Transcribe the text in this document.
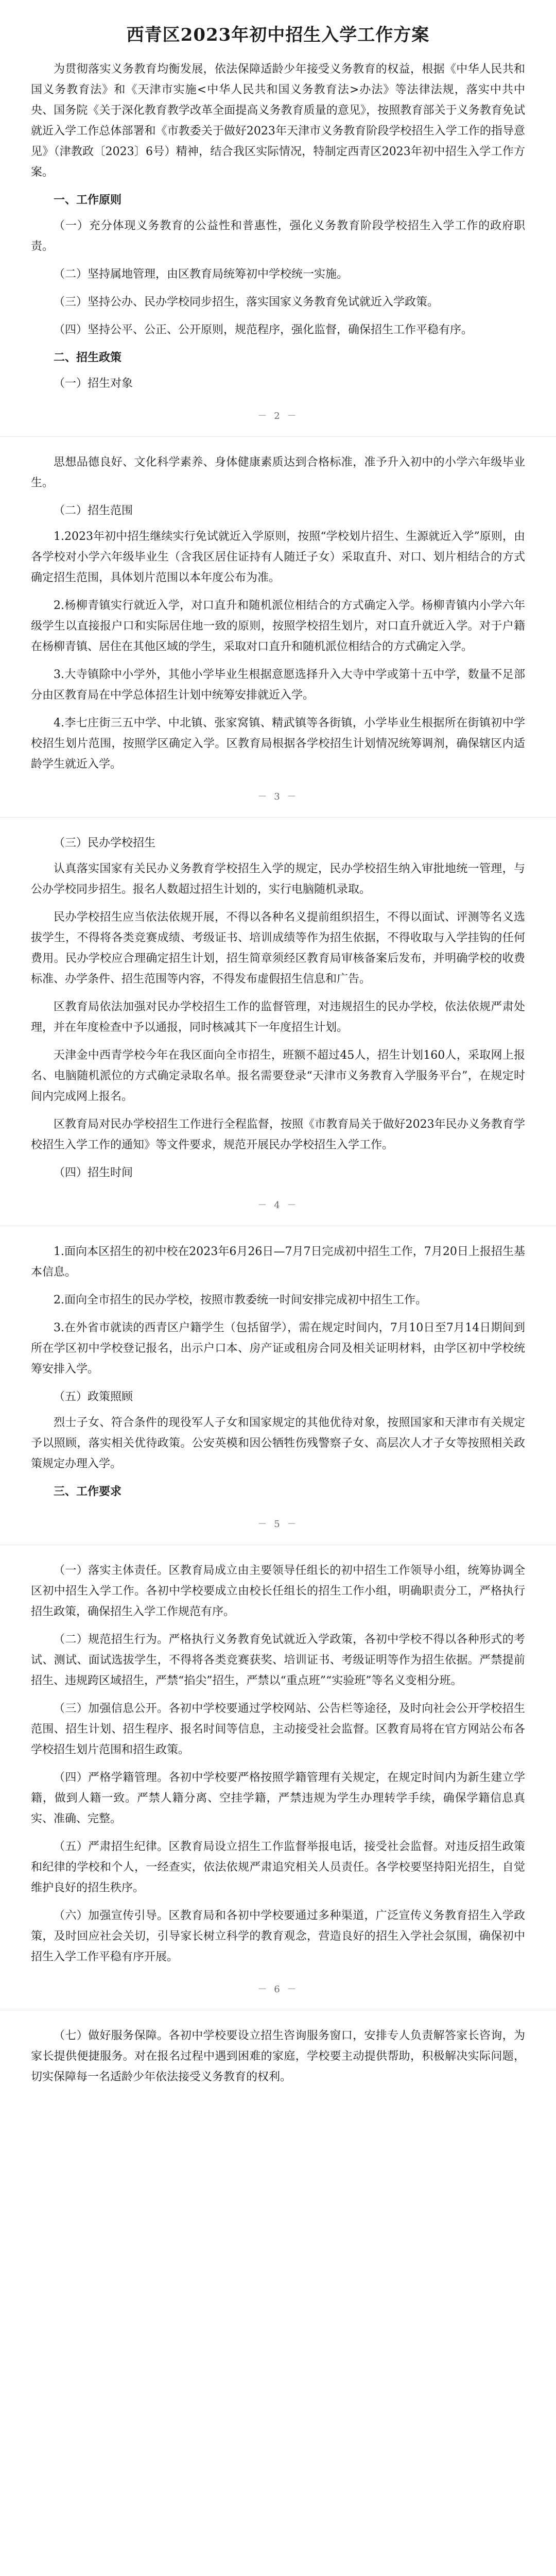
西青区2023年初中招生入学工作方案
为贯彻落实义务教育均衡发展，依法保障适龄少年接受义务教育的权益，根据《中华人民共和国义务教育法》和《天津市实施<中华人民共和国义务教育法>办法》等法律法规，落实中共中央、国务院《关于深化教育教学改革全面提高义务教育质量的意见》，按照教育部关于义务教育免试就近入学工作总体部署和《市教委关于做好2023年天津市义务教育阶段学校招生入学工作的指导意见》（津教政〔2023〕6号）精神，结合我区实际情况，特制定西青区2023年初中招生入学工作方案。
一、工作原则
（一）充分体现义务教育的公益性和普惠性，强化义务教育阶段学校招生入学工作的政府职责。
（二）坚持属地管理，由区教育局统筹初中学校统一实施。
（三）坚持公办、民办学校同步招生，落实国家义务教育免试就近入学政策。
（四）坚持公平、公正、公开原则，规范程序，强化监督，确保招生工作平稳有序。
二、招生政策
（一）招生对象
－ 2 －
思想品德良好、文化科学素养、身体健康素质达到合格标准，准予升入初中的小学六年级毕业生。
（二）招生范围
1.2023年初中招生继续实行免试就近入学原则，按照“学校划片招生、生源就近入学”原则，由各学校对小学六年级毕业生（含我区居住证持有人随迁子女）采取直升、对口、划片相结合的方式确定招生范围，具体划片范围以本年度公布为准。
2.杨柳青镇实行就近入学，对口直升和随机派位相结合的方式确定入学。杨柳青镇内小学六年级学生以直接报户口和实际居住地一致的原则，按照学校招生划片，对口直升就近入学。对于户籍在杨柳青镇、居住在其他区域的学生，采取对口直升和随机派位相结合的方式确定入学。
3.大寺镇除中小学外，其他小学毕业生根据意愿选择升入大寺中学或第十五中学，数量不足部分由区教育局在中学总体招生计划中统筹安排就近入学。
4.李七庄街三五中学、中北镇、张家窝镇、精武镇等各街镇，小学毕业生根据所在街镇初中学校招生划片范围，按照学区确定入学。区教育局根据各学校招生计划情况统筹调剂，确保辖区内适龄学生就近入学。
－ 3 －
（三）民办学校招生
认真落实国家有关民办义务教育学校招生入学的规定，民办学校招生纳入审批地统一管理，与公办学校同步招生。报名人数超过招生计划的，实行电脑随机录取。
民办学校招生应当依法依规开展，不得以各种名义提前组织招生，不得以面试、评测等名义选拔学生，不得将各类竞赛成绩、考级证书、培训成绩等作为招生依据，不得收取与入学挂钩的任何费用。民办学校应合理确定招生计划，招生简章须经区教育局审核备案后发布，并明确学校的收费标准、办学条件、招生范围等内容，不得发布虚假招生信息和广告。
区教育局依法加强对民办学校招生工作的监督管理，对违规招生的民办学校，依法依规严肃处理，并在年度检查中予以通报，同时核减其下一年度招生计划。
天津金中西青学校今年在我区面向全市招生，班额不超过45人，招生计划160人，采取网上报名、电脑随机派位的方式确定录取名单。报名需要登录“天津市义务教育入学服务平台”，在规定时间内完成网上报名。
区教育局对民办学校招生工作进行全程监督，按照《市教育局关于做好2023年民办义务教育学校招生入学工作的通知》等文件要求，规范开展民办学校招生入学工作。
（四）招生时间
－ 4 －
1.面向本区招生的初中校在2023年6月26日—7月7日完成初中招生工作，7月20日上报招生基本信息。
2.面向全市招生的民办学校，按照市教委统一时间安排完成初中招生工作。
3.在外省市就读的西青区户籍学生（包括留学），需在规定时间内，7月10日至7月14日期间到所在学区初中学校登记报名，出示户口本、房产证或租房合同及相关证明材料，由学区初中学校统筹安排入学。
（五）政策照顾
烈士子女、符合条件的现役军人子女和国家规定的其他优待对象，按照国家和天津市有关规定予以照顾，落实相关优待政策。公安英模和因公牺牲伤残警察子女、高层次人才子女等按照相关政策规定办理入学。
三、工作要求
－ 5 －
（一）落实主体责任。区教育局成立由主要领导任组长的初中招生工作领导小组，统筹协调全区初中招生入学工作。各初中学校要成立由校长任组长的招生工作小组，明确职责分工，严格执行招生政策，确保招生入学工作规范有序。
（二）规范招生行为。严格执行义务教育免试就近入学政策，各初中学校不得以各种形式的考试、测试、面试选拔学生，不得将各类竞赛获奖、培训证书、考级证明等作为招生依据。严禁提前招生、违规跨区域招生，严禁“掐尖”招生，严禁以“重点班”“实验班”等名义变相分班。
（三）加强信息公开。各初中学校要通过学校网站、公告栏等途径，及时向社会公开学校招生范围、招生计划、招生程序、报名时间等信息，主动接受社会监督。区教育局将在官方网站公布各学校招生划片范围和招生政策。
（四）严格学籍管理。各初中学校要严格按照学籍管理有关规定，在规定时间内为新生建立学籍，做到人籍一致。严禁人籍分离、空挂学籍，严禁违规为学生办理转学手续，确保学籍信息真实、准确、完整。
（五）严肃招生纪律。区教育局设立招生工作监督举报电话，接受社会监督。对违反招生政策和纪律的学校和个人，一经查实，依法依规严肃追究相关人员责任。各学校要坚持阳光招生，自觉维护良好的招生秩序。
（六）加强宣传引导。区教育局和各初中学校要通过多种渠道，广泛宣传义务教育招生入学政策，及时回应社会关切，引导家长树立科学的教育观念，营造良好的招生入学社会氛围，确保初中招生入学工作平稳有序开展。
－ 6 －
（七）做好服务保障。各初中学校要设立招生咨询服务窗口，安排专人负责解答家长咨询，为家长提供便捷服务。对在报名过程中遇到困难的家庭，学校要主动提供帮助，积极解决实际问题，切实保障每一名适龄少年依法接受义务教育的权利。
